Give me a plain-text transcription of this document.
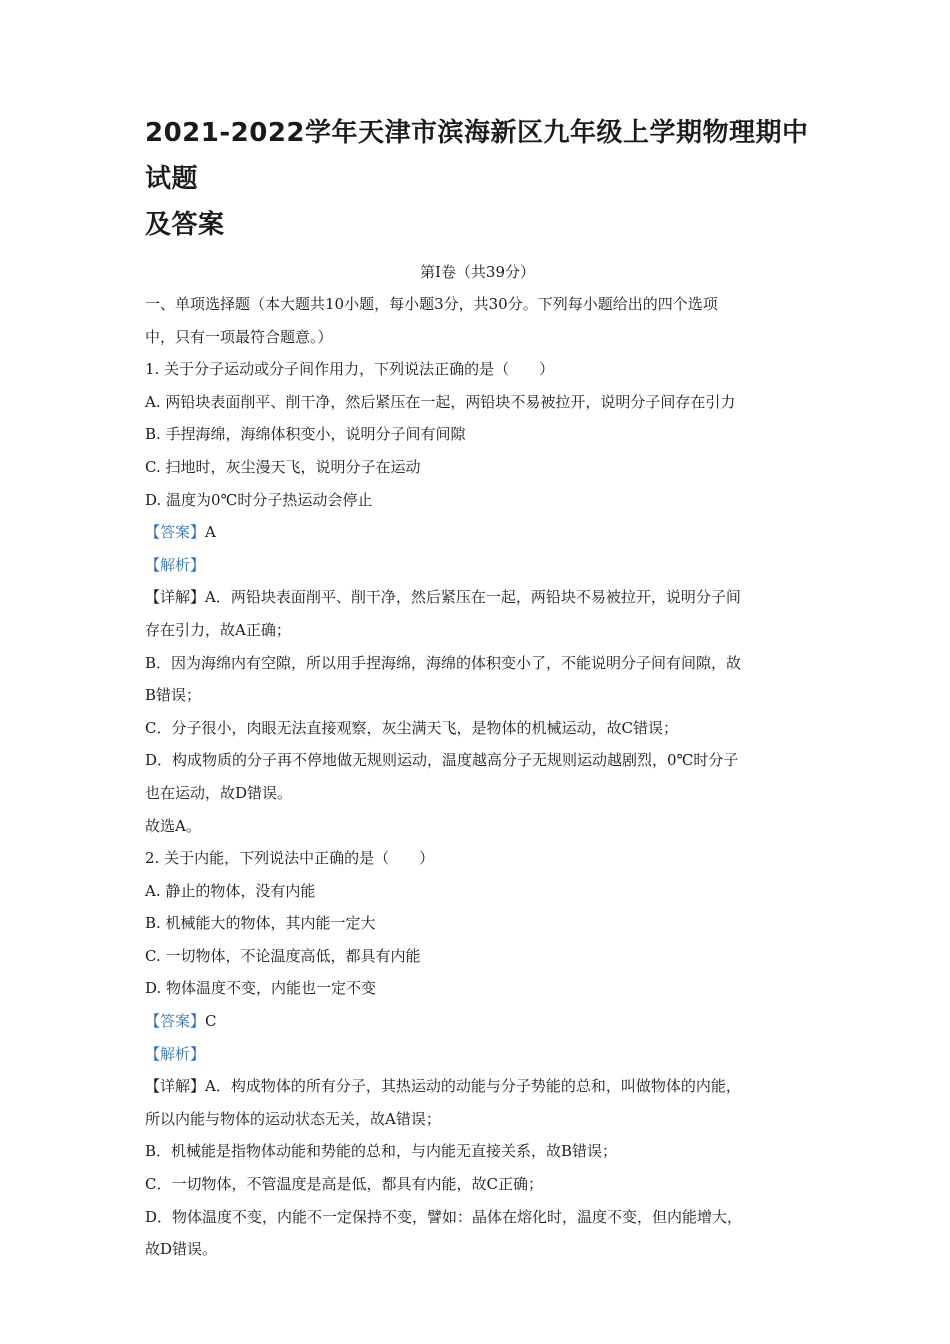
2021-2022学年天津市滨海新区九年级上学期物理期中试题
及答案
第Ⅰ卷（共39分）
一、单项选择题（本大题共10小题，每小题3分，共30分。下列每小题给出的四个选项
中，只有一项最符合题意。）
1. 关于分子运动或分子间作用力，下列说法正确的是（　　）
A. 两铅块表面削平、削干净，然后紧压在一起，两铅块不易被拉开，说明分子间存在引力
B. 手捏海绵，海绵体积变小，说明分子间有间隙
C. 扫地时，灰尘漫天飞，说明分子在运动
D. 温度为0℃时分子热运动会停止
【答案】A
【解析】
【详解】A．两铅块表面削平、削干净，然后紧压在一起，两铅块不易被拉开，说明分子间
存在引力，故A正确；
B．因为海绵内有空隙，所以用手捏海绵，海绵的体积变小了，不能说明分子间有间隙，故
B错误；
C．分子很小，肉眼无法直接观察，灰尘满天飞，是物体的机械运动，故C错误；
D．构成物质的分子再不停地做无规则运动，温度越高分子无规则运动越剧烈，0℃时分子
也在运动，故D错误。
故选A。
2. 关于内能，下列说法中正确的是（　　）
A. 静止的物体，没有内能
B. 机械能大的物体，其内能一定大
C. 一切物体，不论温度高低，都具有内能
D. 物体温度不变，内能也一定不变
【答案】C
【解析】
【详解】A．构成物体的所有分子，其热运动的动能与分子势能的总和，叫做物体的内能，
所以内能与物体的运动状态无关，故A错误；
B．机械能是指物体动能和势能的总和，与内能无直接关系，故B错误；
C．一切物体，不管温度是高是低，都具有内能，故C正确；
D．物体温度不变，内能不一定保持不变，譬如：晶体在熔化时，温度不变，但内能增大，
故D错误。
